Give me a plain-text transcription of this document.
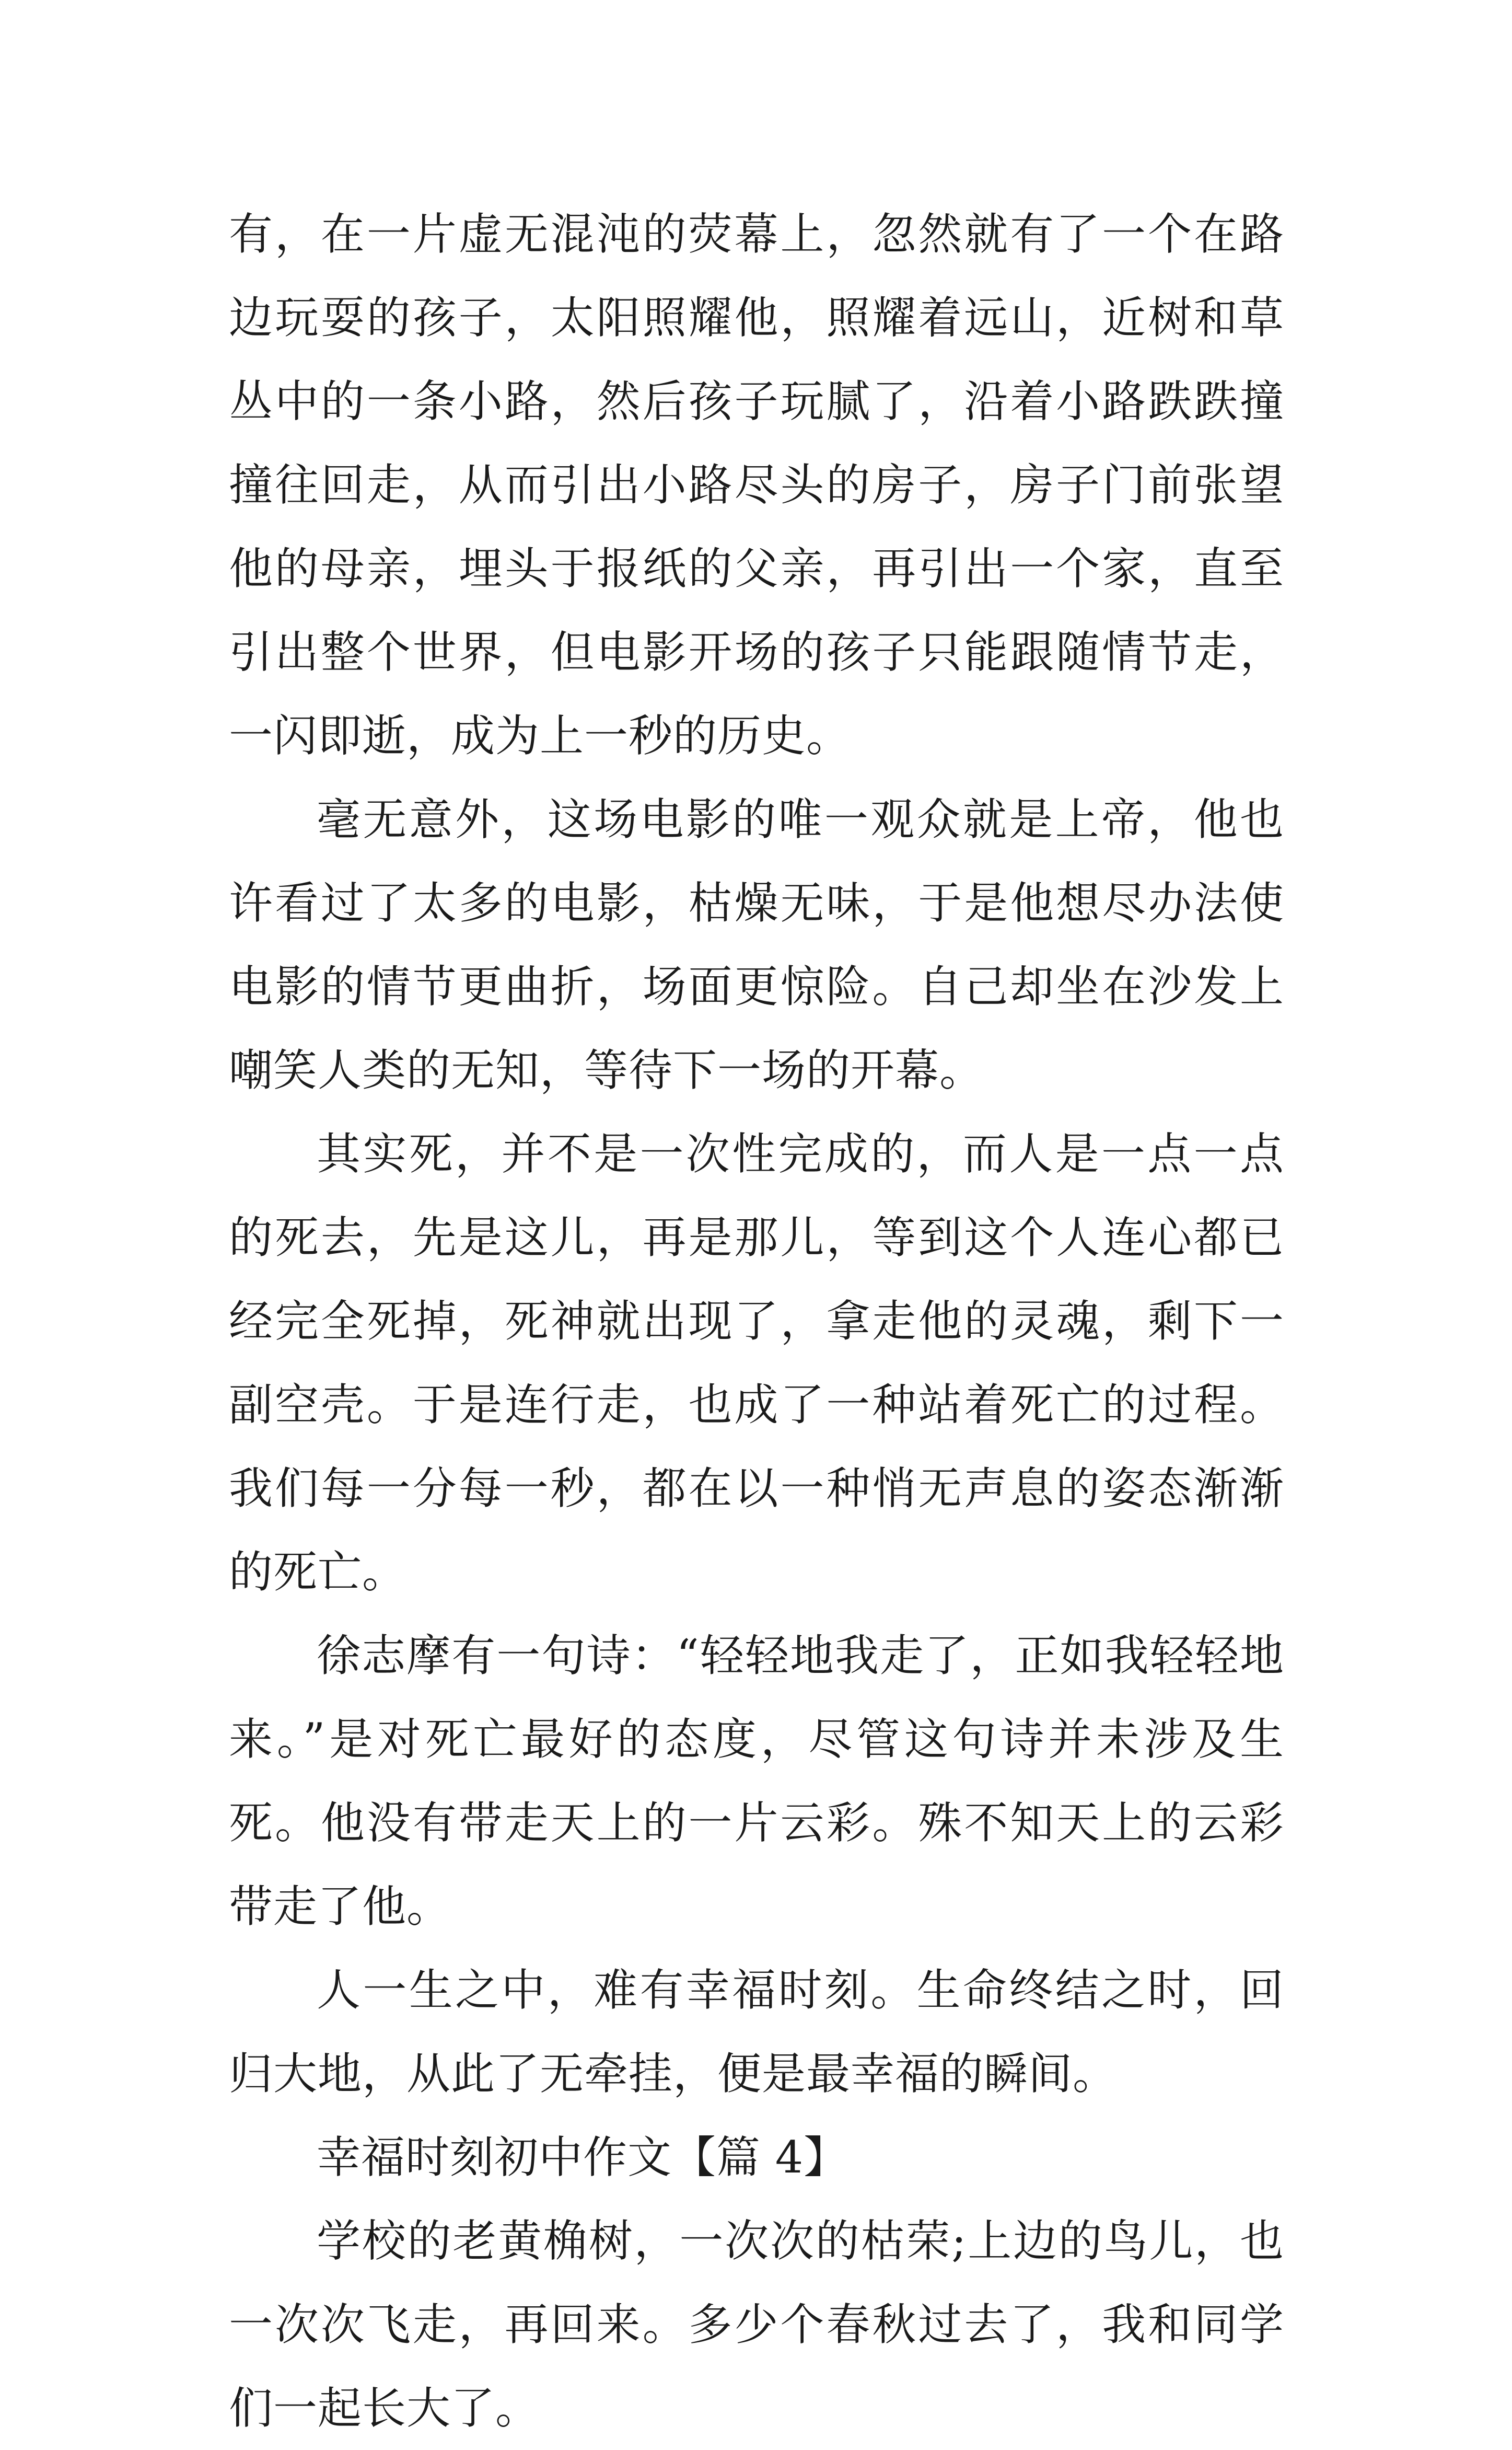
有，在一片虚无混沌的荧幕上，忽然就有了一个在路边玩耍的孩子，太阳照耀他，照耀着远山，近树和草丛中的一条小路，然后孩子玩腻了，沿着小路跌跌撞撞往回走，从而引出小路尽头的房子，房子门前张望他的母亲，埋头于报纸的父亲，再引出一个家，直至引出整个世界，但电影开场的孩子只能跟随情节走，一闪即逝，成为上一秒的历史。

毫无意外，这场电影的唯一观众就是上帝，他也许看过了太多的电影，枯燥无味，于是他想尽办法使电影的情节更曲折，场面更惊险。自己却坐在沙发上嘲笑人类的无知，等待下一场的开幕。

其实死，并不是一次性完成的，而人是一点一点的死去，先是这儿，再是那儿，等到这个人连心都已经完全死掉，死神就出现了，拿走他的灵魂，剩下一副空壳。于是连行走，也成了一种站着死亡的过程。我们每一分每一秒，都在以一种悄无声息的姿态渐渐的死亡。

徐志摩有一句诗：“轻轻地我走了，正如我轻轻地来。”是对死亡最好的态度，尽管这句诗并未涉及生死。他没有带走天上的一片云彩。殊不知天上的云彩带走了他。

人一生之中，难有幸福时刻。生命终结之时，回归大地，从此了无牵挂，便是最幸福的瞬间。

幸福时刻初中作文【篇 4】

学校的老黄桷树，一次次的枯荣;上边的鸟儿，也一次次飞走，再回来。多少个春秋过去了，我和同学们一起长大了。
